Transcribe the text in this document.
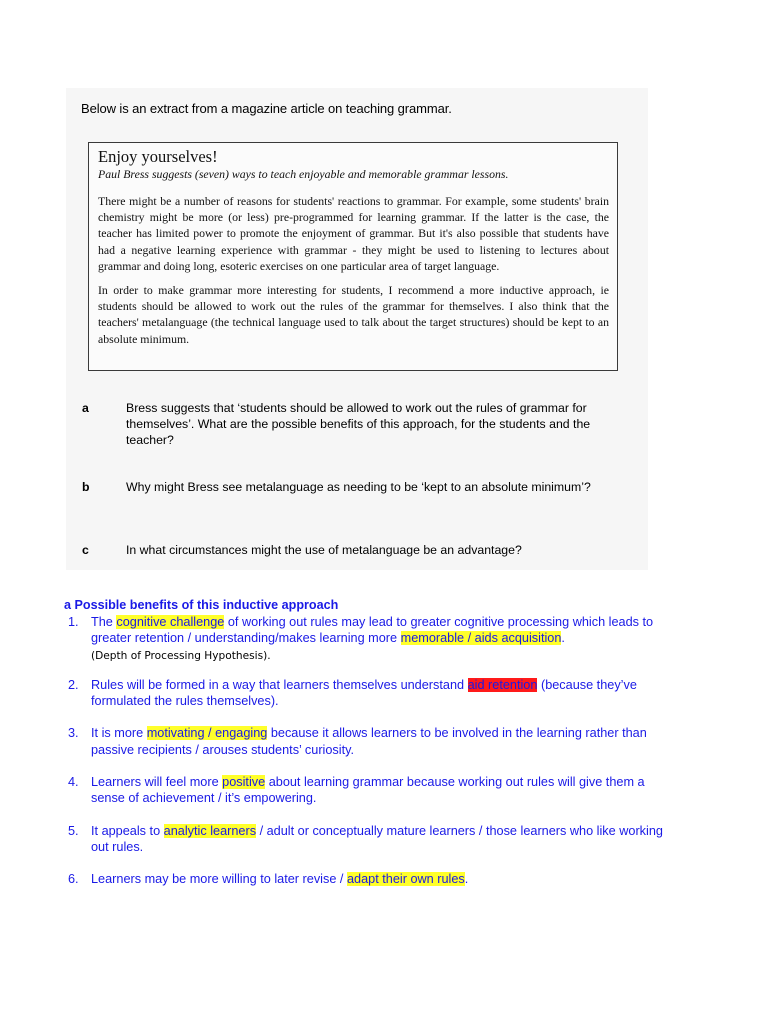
Below is an extract from a magazine article on teaching grammar.
Enjoy yourselves!
Paul Bress suggests (seven) ways to teach enjoyable and memorable grammar lessons.

There might be a number of reasons for students' reactions to grammar. For example, some students' brain chemistry might be more (or less) pre-programmed for learning grammar. If the latter is the case, the teacher has limited power to promote the enjoyment of grammar. But it's also possible that students have had a negative learning experience with grammar - they might be used to listening to lectures about grammar and doing long, esoteric exercises on one particular area of target language.

In order to make grammar more interesting for students, I recommend a more inductive approach, ie students should be allowed to work out the rules of the grammar for themselves. I also think that the teachers' metalanguage (the technical language used to talk about the target structures) should be kept to an absolute minimum.

a	Bress suggests that ‘students should be allowed to work out the rules of grammar for themselves’. What are the possible benefits of this approach, for the students and the teacher?
b	Why might Bress see metalanguage as needing to be ‘kept to an absolute minimum’?
c	In what circumstances might the use of metalanguage be an advantage?
a Possible benefits of this inductive approach
1. The cognitive challenge of working out rules may lead to greater cognitive processing which leads to greater retention / understanding/makes learning more memorable / aids acquisition.
(Depth of Processing Hypothesis).
2. Rules will be formed in a way that learners themselves understand aid retention (because they’ve formulated the rules themselves).
3. It is more motivating / engaging because it allows learners to be involved in the learning rather than passive recipients / arouses students’ curiosity.
4. Learners will feel more positive about learning grammar because working out rules will give them a sense of achievement / it’s empowering.
5. It appeals to analytic learners / adult or conceptually mature learners / those learners who like working out rules.
6. Learners may be more willing to later revise / adapt their own rules.
